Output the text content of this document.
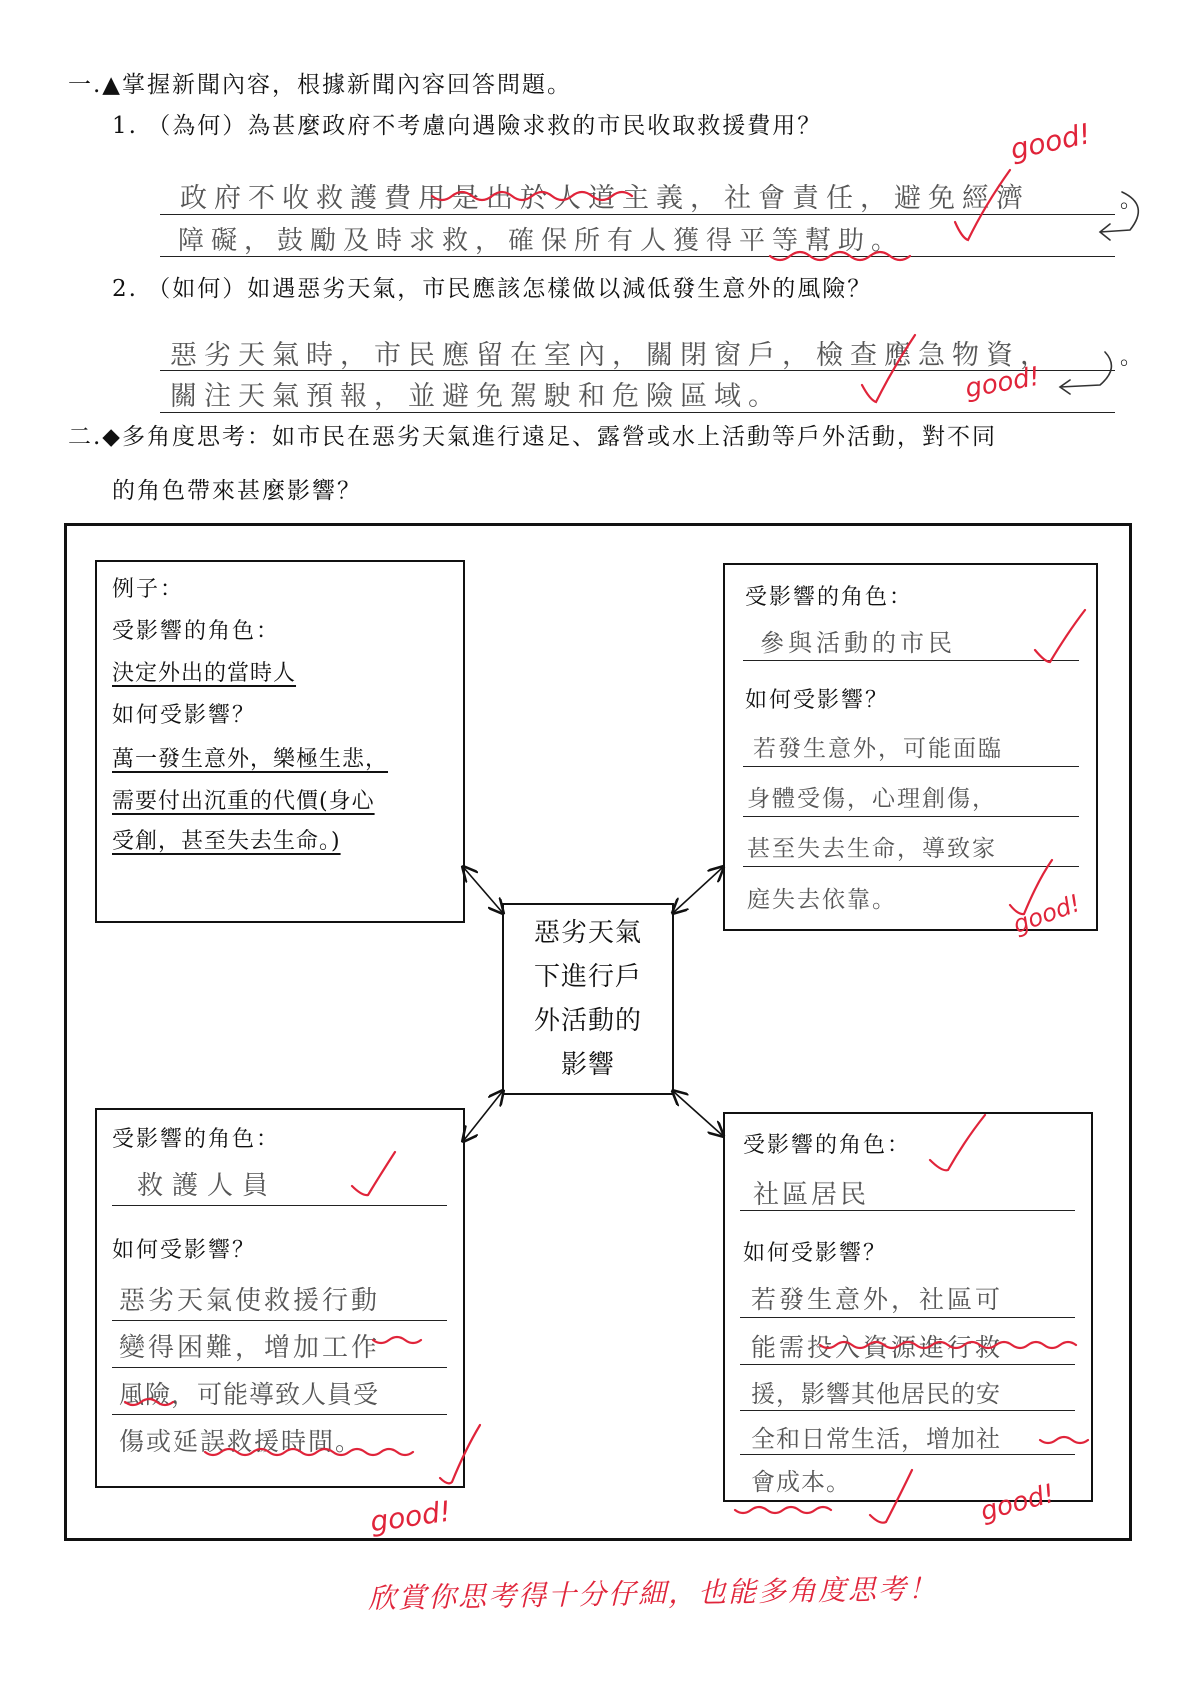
一.▲掌握新聞內容，根據新聞內容回答問題。
1. （為何）為甚麼政府不考慮向遇險求救的市民收取救援費用？
政府不收救護費用是出於人道主義，社會責任，避免經濟	。
障礙，鼓勵及時求救，確保所有人獲得平等幫助。
2. （如何）如遇惡劣天氣，市民應該怎樣做以減低發生意外的風險？
惡劣天氣時，市民應留在室內，關閉窗戶，檢查應急物資，	。
關注天氣預報，並避免駕駛和危險區域。
二.◆多角度思考：如市民在惡劣天氣進行遠足、露營或水上活動等戶外活動，對不同
的角色帶來甚麼影響？
惡劣天氣下進行戶外活動的影響
例子：
受影響的角色：
決定外出的當時人
如何受影響？
萬一發生意外，樂極生悲，
需要付出沉重的代價(身心
受創，甚至失去生命。)
受影響的角色：
參與活動的市民
如何受影響？
若發生意外，可能面臨
身體受傷，心理創傷，
甚至失去生命，導致家
庭失去依靠。
受影響的角色：
救護人員
如何受影響？
惡劣天氣使救援行動
變得困難，增加工作
風險，可能導致人員受
傷或延誤救援時間。
受影響的角色：
社區居民
如何受影響？
若發生意外，社區可
能需投入資源進行救
援，影響其他居民的安
全和日常生活，增加社
會成本。
good!
good!
good!
good!	good!
欣賞你思考得十分仔細，也能多角度思考！
